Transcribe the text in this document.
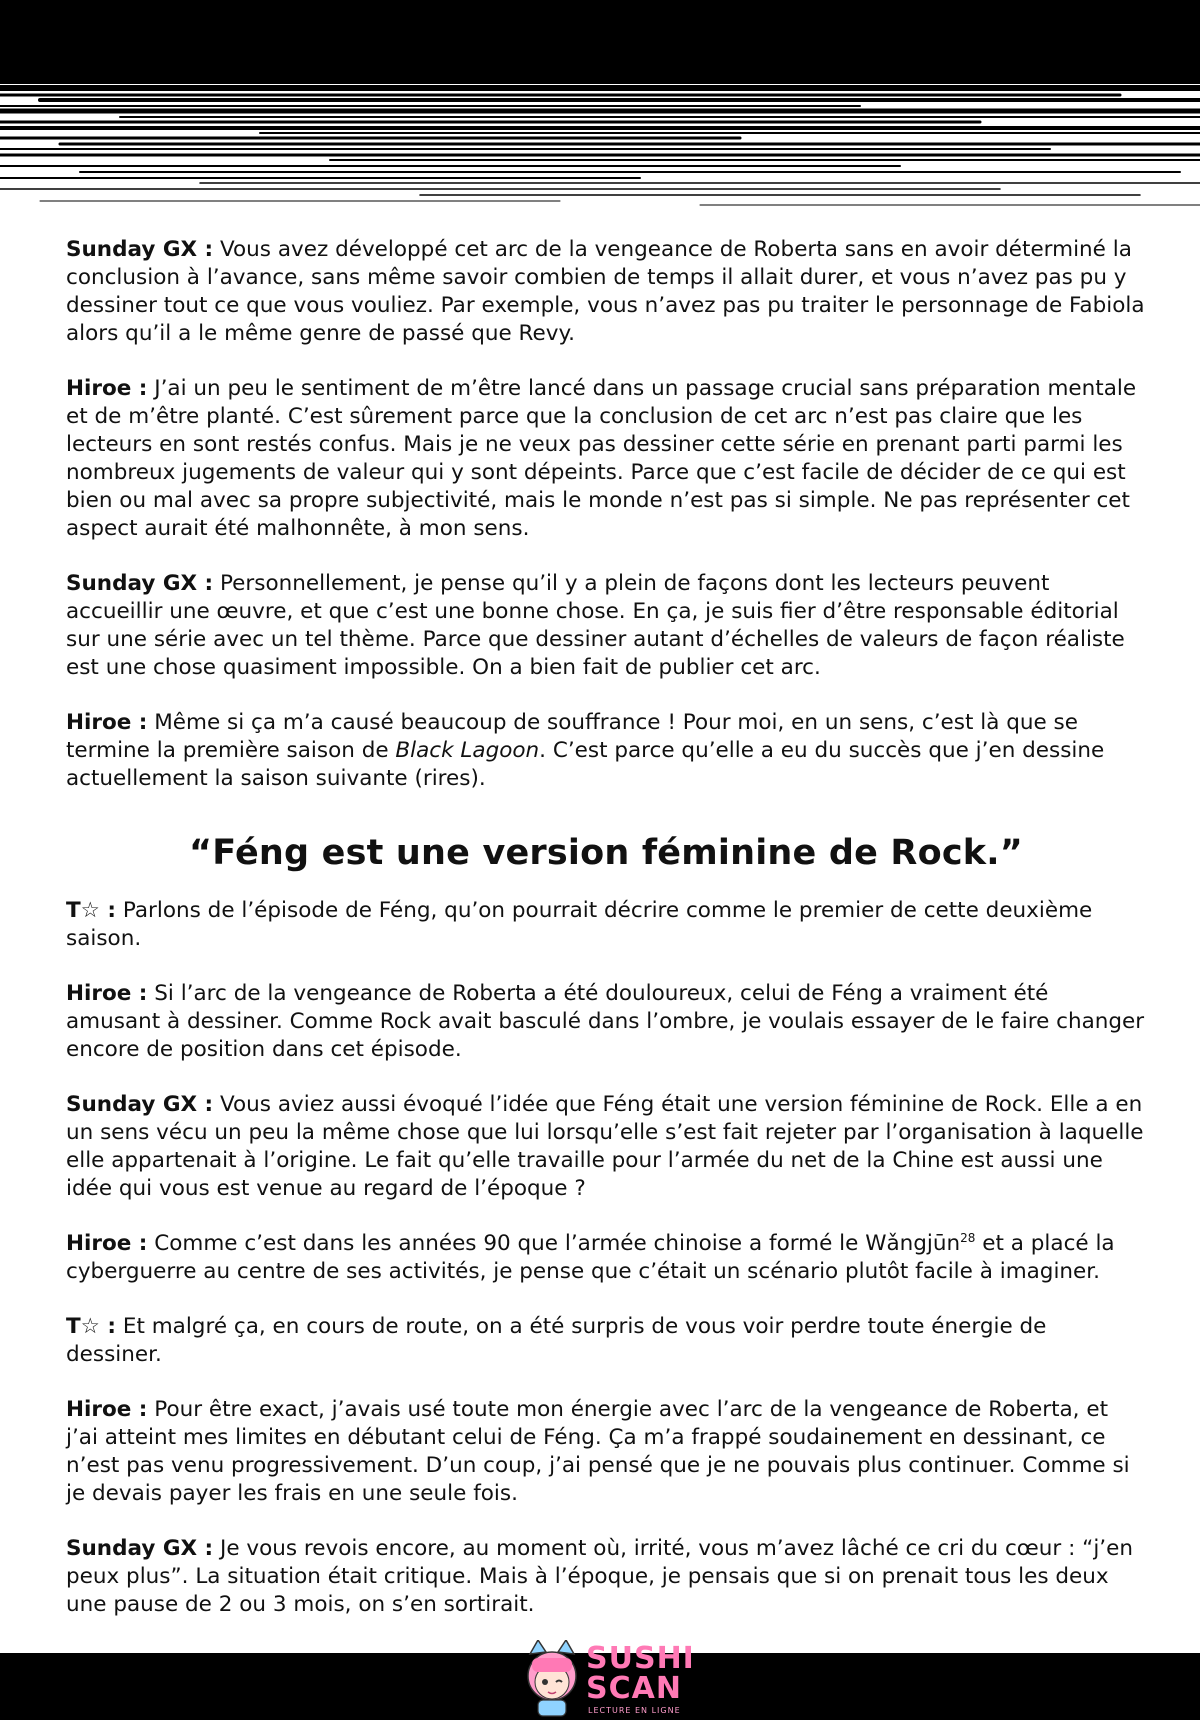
Sunday GX : Vous avez développé cet arc de la vengeance de Roberta sans en avoir déterminé la conclusion à l’avance, sans même savoir combien de temps il allait durer, et vous n’avez pas pu y dessiner tout ce que vous vouliez. Par exemple, vous n’avez pas pu traiter le personnage de Fabiola alors qu’il a le même genre de passé que Revy.

Hiroe : J’ai un peu le sentiment de m’être lancé dans un passage crucial sans préparation mentale et de m’être planté. C’est sûrement parce que la conclusion de cet arc n’est pas claire que les lecteurs en sont restés confus. Mais je ne veux pas dessiner cette série en prenant parti parmi les nombreux jugements de valeur qui y sont dépeints. Parce que c’est facile de décider de ce qui est bien ou mal avec sa propre subjectivité, mais le monde n’est pas si simple. Ne pas représenter cet aspect aurait été malhonnête, à mon sens.

Sunday GX : Personnellement, je pense qu’il y a plein de façons dont les lecteurs peuvent accueillir une œuvre, et que c’est une bonne chose. En ça, je suis fier d’être responsable éditorial sur une série avec un tel thème. Parce que dessiner autant d’échelles de valeurs de façon réaliste est une chose quasiment impossible. On a bien fait de publier cet arc.

Hiroe : Même si ça m’a causé beaucoup de souffrance ! Pour moi, en un sens, c’est là que se termine la première saison de Black Lagoon. C’est parce qu’elle a eu du succès que j’en dessine actuellement la saison suivante (rires).

“Féng est une version féminine de Rock.”

T☆ : Parlons de l’épisode de Féng, qu’on pourrait décrire comme le premier de cette deuxième saison.

Hiroe : Si l’arc de la vengeance de Roberta a été douloureux, celui de Féng a vraiment été amusant à dessiner. Comme Rock avait basculé dans l’ombre, je voulais essayer de le faire changer encore de position dans cet épisode.

Sunday GX : Vous aviez aussi évoqué l’idée que Féng était une version féminine de Rock. Elle a en un sens vécu un peu la même chose que lui lorsqu’elle s’est fait rejeter par l’organisation à laquelle elle appartenait à l’origine. Le fait qu’elle travaille pour l’armée du net de la Chine est aussi une idée qui vous est venue au regard de l’époque ?

Hiroe : Comme c’est dans les années 90 que l’armée chinoise a formé le Wǎngjūn$^{28}$ et a placé la cyberguerre au centre de ses activités, je pense que c’était un scénario plutôt facile à imaginer.

T☆ : Et malgré ça, en cours de route, on a été surpris de vous voir perdre toute énergie de dessiner.

Hiroe : Pour être exact, j’avais usé toute mon énergie avec l’arc de la vengeance de Roberta, et j’ai atteint mes limites en débutant celui de Féng. Ça m’a frappé soudainement en dessinant, ce n’est pas venu progressivement. D’un coup, j’ai pensé que je ne pouvais plus continuer. Comme si je devais payer les frais en une seule fois.

Sunday GX : Je vous revois encore, au moment où, irrité, vous m’avez lâché ce cri du cœur : “j’en peux plus”. La situation était critique. Mais à l’époque, je pensais que si on prenait tous les deux une pause de 2 ou 3 mois, on s’en sortirait.

SUSHI
SCAN
LECTURE EN LIGNE
